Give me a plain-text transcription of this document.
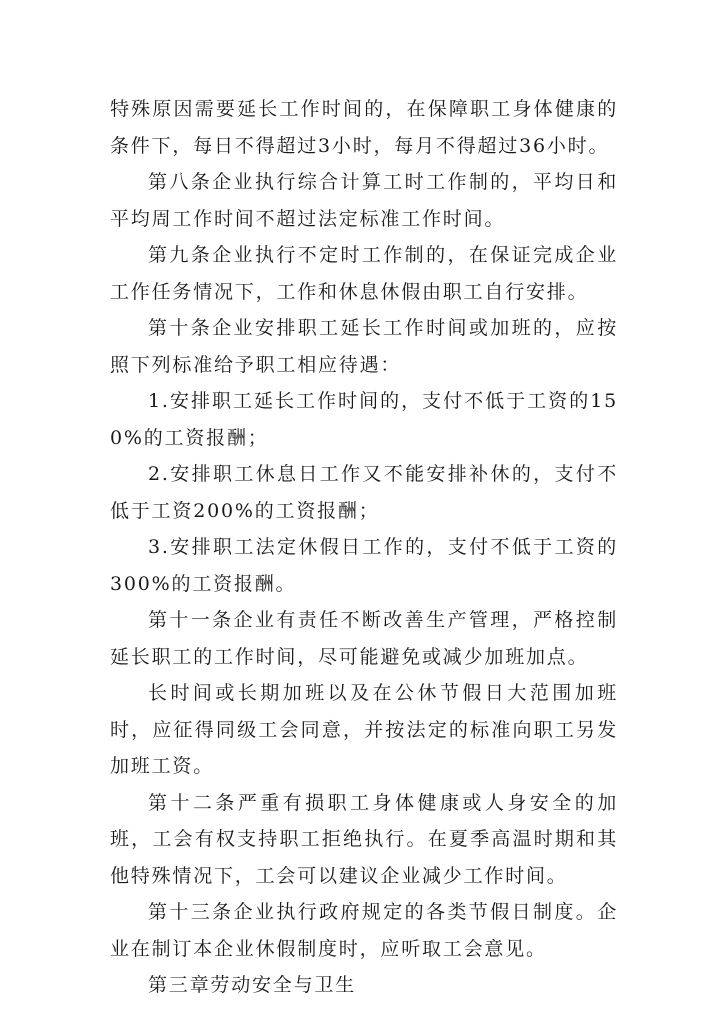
特殊原因需要延长工作时间的，在保障职工身体健康的条件下，每日不得超过3小时，每月不得超过36小时。

第八条企业执行综合计算工时工作制的，平均日和平均周工作时间不超过法定标准工作时间。

第九条企业执行不定时工作制的，在保证完成企业工作任务情况下，工作和休息休假由职工自行安排。

第十条企业安排职工延长工作时间或加班的，应按照下列标准给予职工相应待遇：

1.安排职工延长工作时间的，支付不低于工资的150%的工资报酬；

2.安排职工休息日工作又不能安排补休的，支付不低于工资200%的工资报酬；

3.安排职工法定休假日工作的，支付不低于工资的300%的工资报酬。

第十一条企业有责任不断改善生产管理，严格控制延长职工的工作时间，尽可能避免或减少加班加点。

长时间或长期加班以及在公休节假日大范围加班时，应征得同级工会同意，并按法定的标准向职工另发加班工资。

第十二条严重有损职工身体健康或人身安全的加班，工会有权支持职工拒绝执行。在夏季高温时期和其他特殊情况下，工会可以建议企业减少工作时间。

第十三条企业执行政府规定的各类节假日制度。企业在制订本企业休假制度时，应听取工会意见。

第三章劳动安全与卫生
